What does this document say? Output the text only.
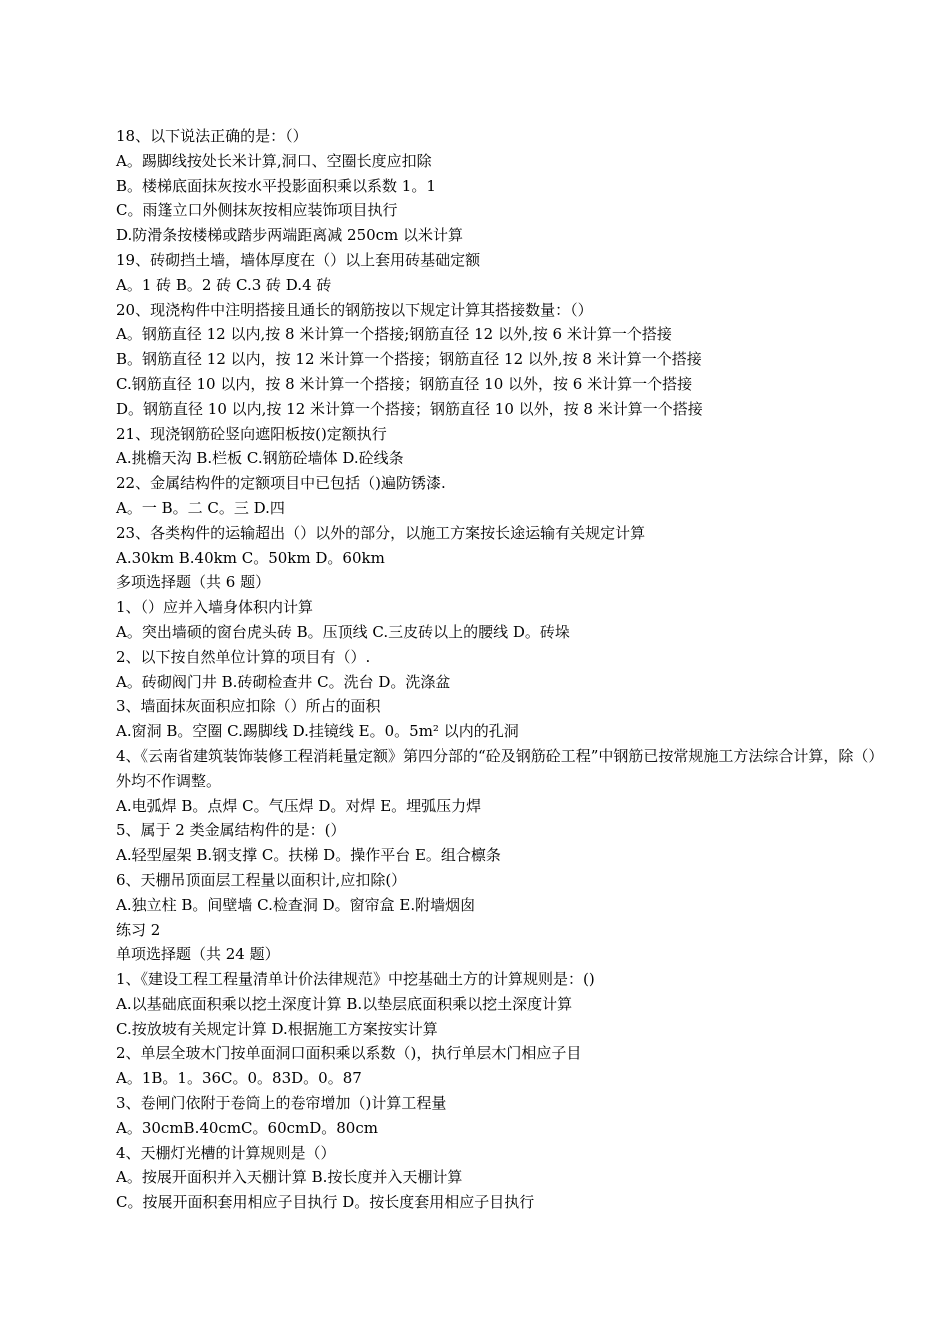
18、以下说法正确的是：（）
A。踢脚线按处长米计算,洞口、空圈长度应扣除
B。楼梯底面抹灰按水平投影面积乘以系数 1。1
C。雨篷立口外侧抹灰按相应装饰项目执行
D.防滑条按楼梯或踏步两端距离减 250cm 以米计算
19、砖砌挡土墙，墙体厚度在（）以上套用砖基础定额
A。1 砖 B。2 砖 C.3 砖 D.4 砖
20、现浇构件中注明搭接且通长的钢筋按以下规定计算其搭接数量：（）
A。钢筋直径 12 以内,按 8 米计算一个搭接;钢筋直径 12 以外,按 6 米计算一个搭接
B。钢筋直径 12 以内，按 12 米计算一个搭接；钢筋直径 12 以外,按 8 米计算一个搭接
C.钢筋直径 10 以内，按 8 米计算一个搭接；钢筋直径 10 以外，按 6 米计算一个搭接
D。钢筋直径 10 以内,按 12 米计算一个搭接；钢筋直径 10 以外，按 8 米计算一个搭接
21、现浇钢筋砼竖向遮阳板按()定额执行
A.挑檐天沟 B.栏板 C.钢筋砼墙体 D.砼线条
22、金属结构件的定额项目中已包括（)遍防锈漆.
A。一 B。二 C。三 D.四
23、各类构件的运输超出（）以外的部分，以施工方案按长途运输有关规定计算
A.30km B.40km C。50km D。60km
多项选择题（共 6 题）
1、（）应并入墙身体积内计算
A。突出墙硕的窗台虎头砖 B。压顶线 C.三皮砖以上的腰线 D。砖垛
2、以下按自然单位计算的项目有（）.
A。砖砌阀门井 B.砖砌检查井 C。洗台 D。洗涤盆
3、墙面抹灰面积应扣除（）所占的面积
A.窗洞 B。空圈 C.踢脚线 D.挂镜线 E。0。5m² 以内的孔洞
4、《云南省建筑装饰装修工程消耗量定额》第四分部的“砼及钢筋砼工程”中钢筋已按常规施工方法综合计算，除（）外均不作调整。
A.电弧焊 B。点焊 C。气压焊 D。对焊 E。埋弧压力焊
5、属于 2 类金属结构件的是：(）
A.轻型屋架 B.钢支撑 C。扶梯 D。操作平台 E。组合檩条
6、天棚吊顶面层工程量以面积计,应扣除(）
A.独立柱 B。间壁墙 C.检查洞 D。窗帘盒 E.附墙烟囱
练习 2
单项选择题（共 24 题）
1、《建设工程工程量清单计价法律规范》中挖基础土方的计算规则是：()
A.以基础底面积乘以挖土深度计算 B.以垫层底面积乘以挖土深度计算
C.按放坡有关规定计算 D.根据施工方案按实计算
2、单层全玻木门按单面洞口面积乘以系数（)，执行单层木门相应子目
A。1B。1。36C。0。83D。0。87
3、卷闸门依附于卷筒上的卷帘增加（)计算工程量
A。30cmB.40cmC。60cmD。80cm
4、天棚灯光槽的计算规则是（）
A。按展开面积并入天棚计算 B.按长度并入天棚计算
C。按展开面积套用相应子目执行 D。按长度套用相应子目执行
